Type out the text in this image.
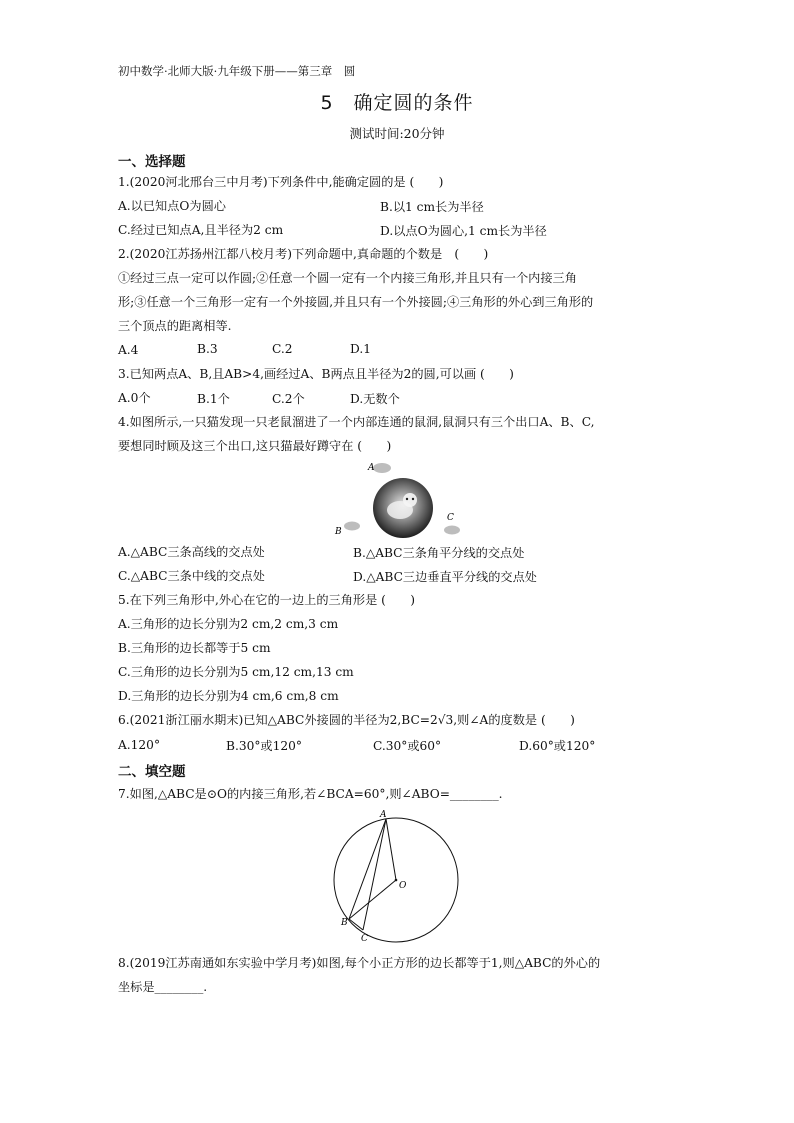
初中数学·北师大版·九年级下册——第三章　圆
5　确定圆的条件
测试时间:20分钟
一、选择题
1.(2020河北邢台三中月考)下列条件中,能确定圆的是 (　　)
A.以已知点O为圆心	B.以1 cm长为半径
C.经过已知点A,且半径为2 cm	D.以点O为圆心,1 cm长为半径
2.(2020江苏扬州江都八校月考)下列命题中,真命题的个数是　(　　)
①经过三点一定可以作圆;②任意一个圆一定有一个内接三角形,并且只有一个内接三角
形;③任意一个三角形一定有一个外接圆,并且只有一个外接圆;④三角形的外心到三角形的
三个顶点的距离相等.
A.4	B.3	C.2	D.1
3.已知两点A、B,且AB>4,画经过A、B两点且半径为2的圆,可以画 (　　)
A.0个	B.1个	C.2个	D.无数个
4.如图所示,一只猫发现一只老鼠溜进了一个内部连通的鼠洞,鼠洞只有三个出口A、B、C,
要想同时顾及这三个出口,这只猫最好蹲守在 (　　)
A
B
C
A.△ABC三条高线的交点处	B.△ABC三条角平分线的交点处
C.△ABC三条中线的交点处	D.△ABC三边垂直平分线的交点处
5.在下列三角形中,外心在它的一边上的三角形是 (　　)
A.三角形的边长分别为2 cm,2 cm,3 cm
B.三角形的边长都等于5 cm
C.三角形的边长分别为5 cm,12 cm,13 cm
D.三角形的边长分别为4 cm,6 cm,8 cm
6.(2021浙江丽水期末)已知△ABC外接圆的半径为2,BC=2√3,则∠A的度数是 (　　)
A.120°	B.30°或120°	C.30°或60°	D.60°或120°
二、填空题
7.如图,△ABC是⊙O的内接三角形,若∠BCA=60°,则∠ABO=________.
A
B
C
O
8.(2019江苏南通如东实验中学月考)如图,每个小正方形的边长都等于1,则△ABC的外心的
坐标是________.
